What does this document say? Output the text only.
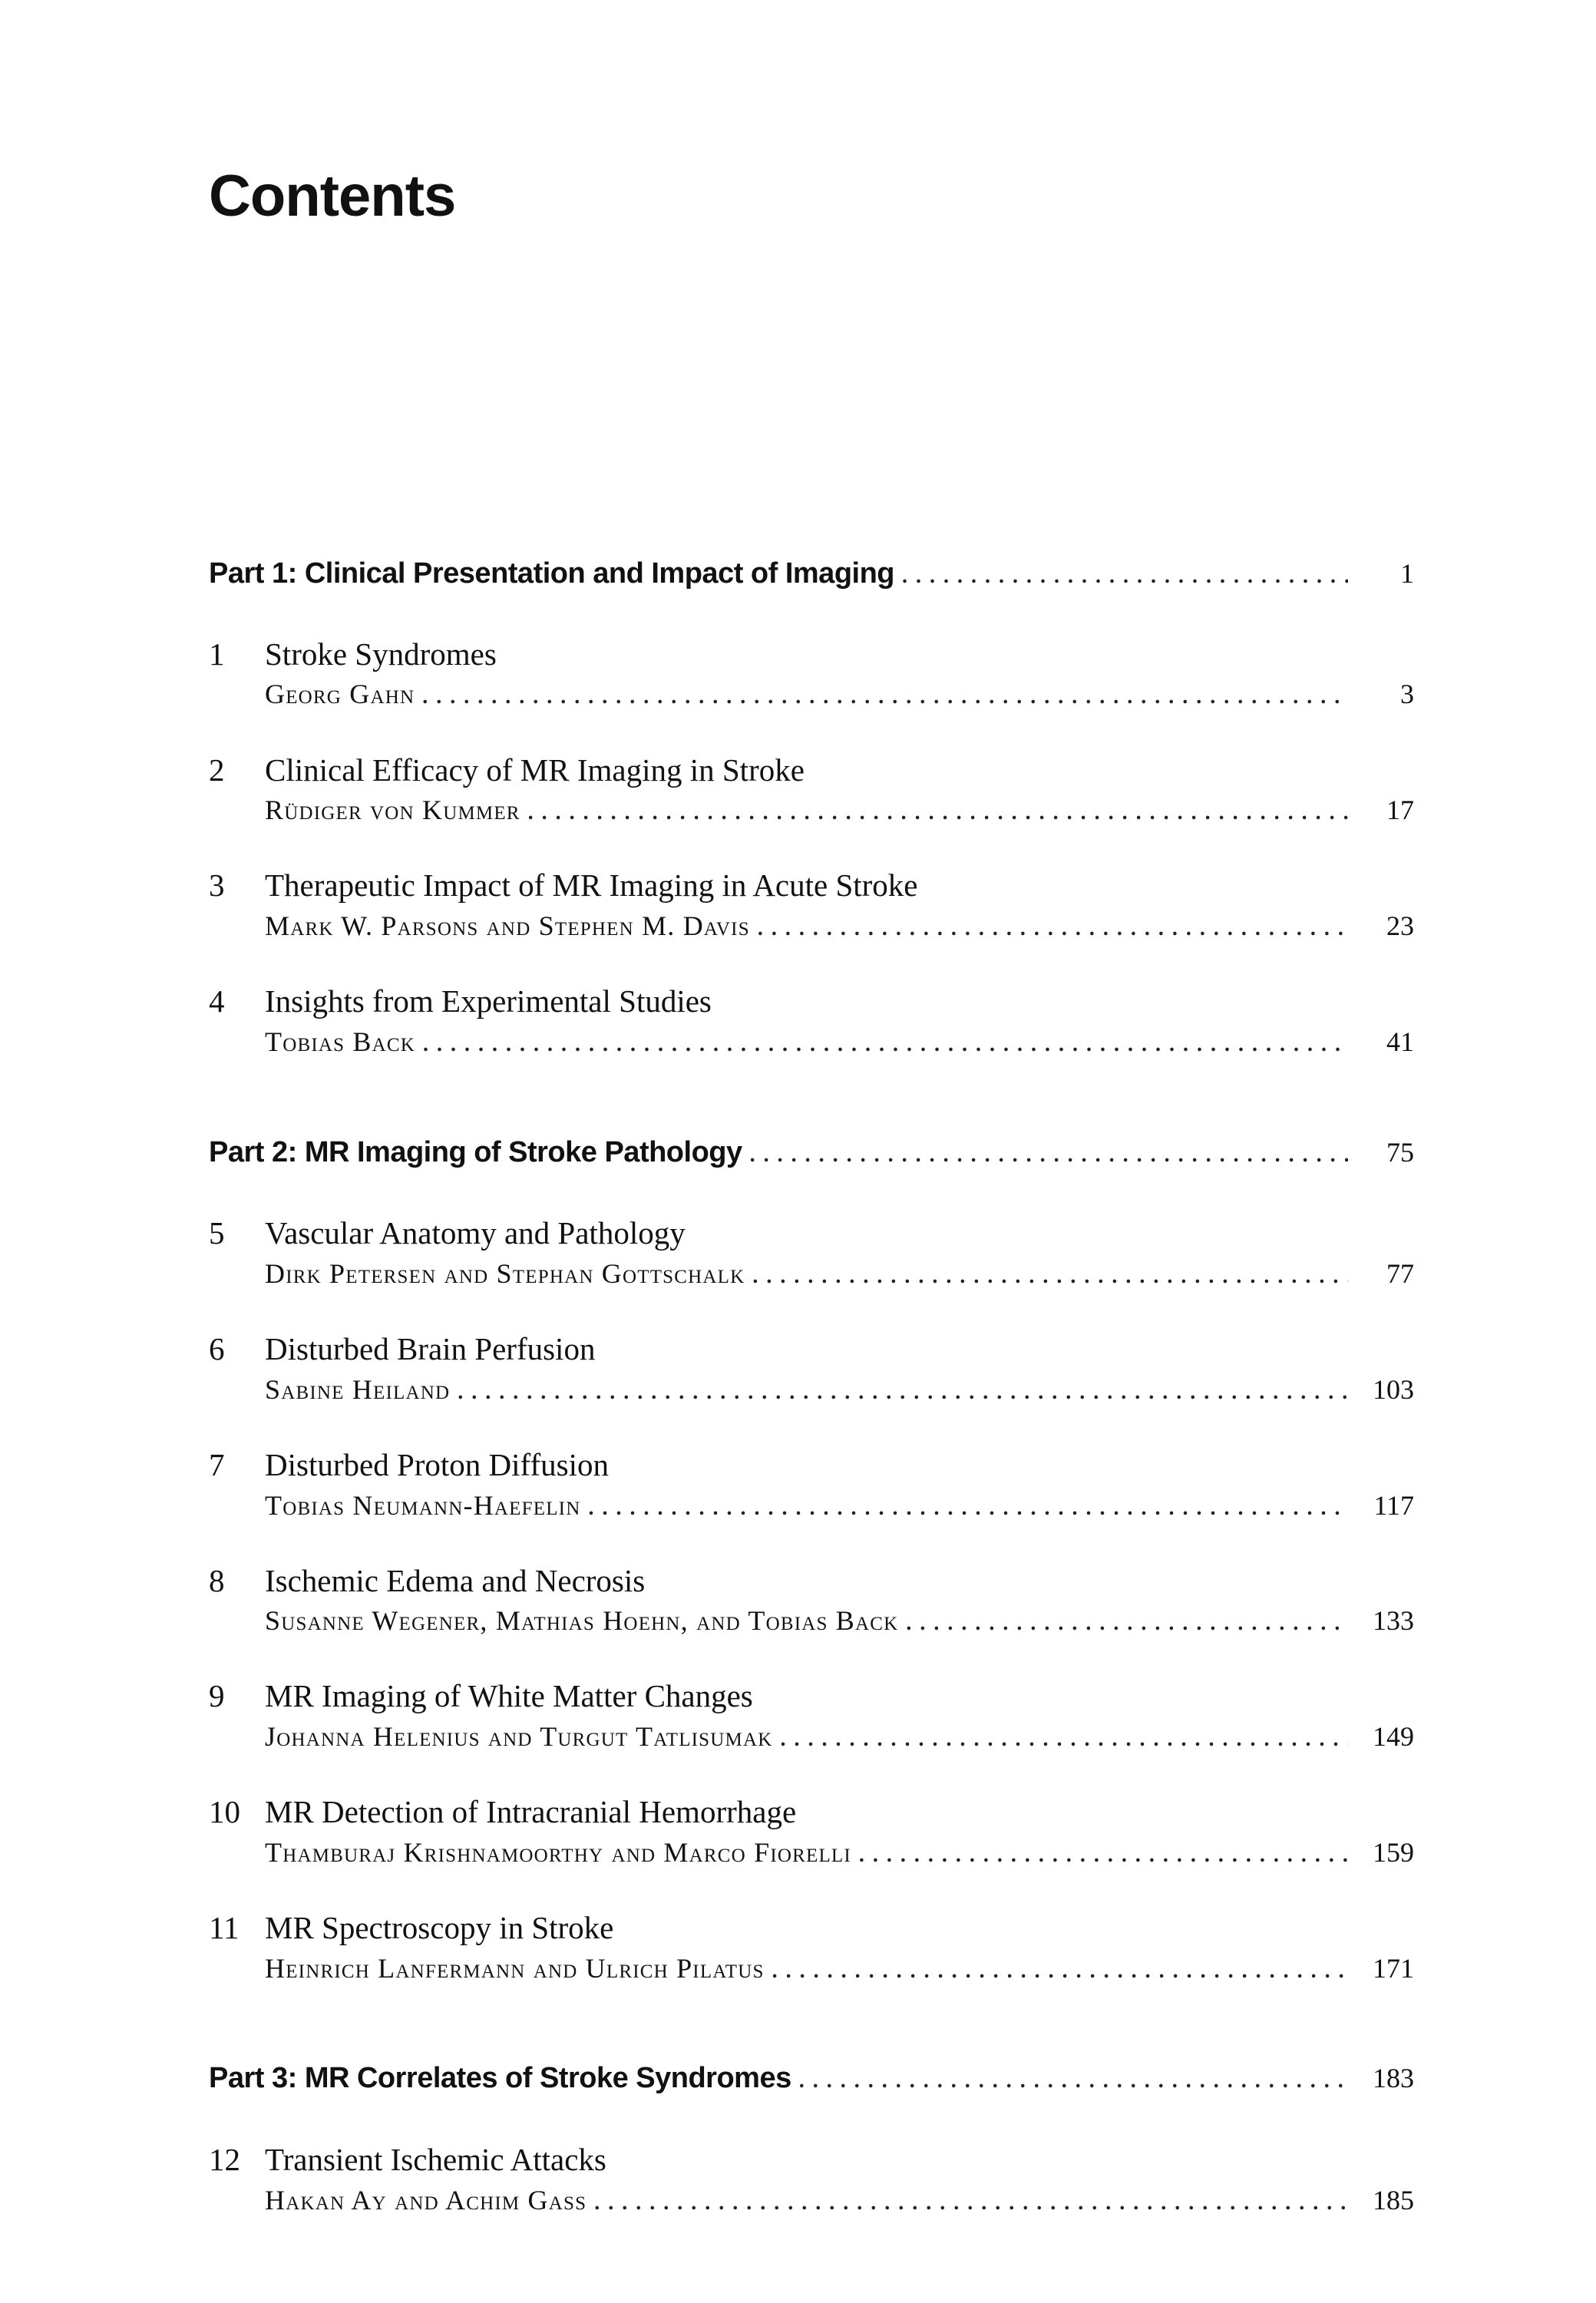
Contents
Part 1: Clinical Presentation and Impact of Imaging . . .	1
1	Stroke Syndromes
Georg Gahn . . .	3
2	Clinical Efficacy of MR Imaging in Stroke
Rüdiger von Kummer . . .	17
3	Therapeutic Impact of MR Imaging in Acute Stroke
Mark W. Parsons and Stephen M. Davis . . .	23
4	Insights from Experimental Studies
Tobias Back . . .	41
Part 2: MR Imaging of Stroke Pathology . . .	75
5	Vascular Anatomy and Pathology
Dirk Petersen and Stephan Gottschalk . . .	77
6	Disturbed Brain Perfusion
Sabine Heiland . . .	103
7	Disturbed Proton Diffusion
Tobias Neumann-Haefelin . . .	117
8	Ischemic Edema and Necrosis
Susanne Wegener, Mathias Hoehn, and Tobias Back . . .	133
9	MR Imaging of White Matter Changes
Johanna Helenius and Turgut Tatlisumak . . .	149
10 MR Detection of Intracranial Hemorrhage
Thamburaj Krishnamoorthy and Marco Fiorelli . . .	159
11 MR Spectroscopy in Stroke
Heinrich Lanfermann and Ulrich Pilatus . . .	171
Part 3: MR Correlates of Stroke Syndromes . . .	183
12 Transient Ischemic Attacks
Hakan Ay and Achim Gass . . .	185
